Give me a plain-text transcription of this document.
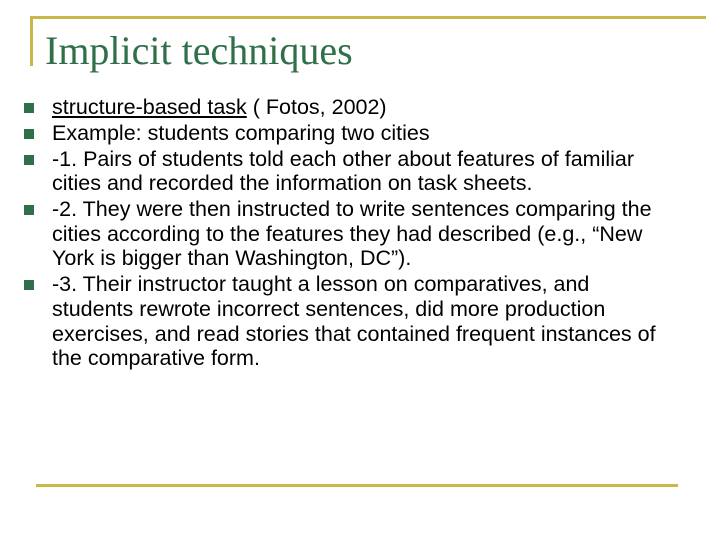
Implicit techniques
structure-based task ( Fotos, 2002)
Example: students comparing two cities
-1. Pairs of students told each other about features of familiar cities and recorded the information on task sheets.
-2. They were then instructed to write sentences comparing the cities according to the features they had described (e.g., “New York is bigger than Washington, DC”).
-3. Their instructor taught a lesson on comparatives, and students rewrote incorrect sentences, did more production exercises, and read stories that contained frequent instances of the comparative form.
